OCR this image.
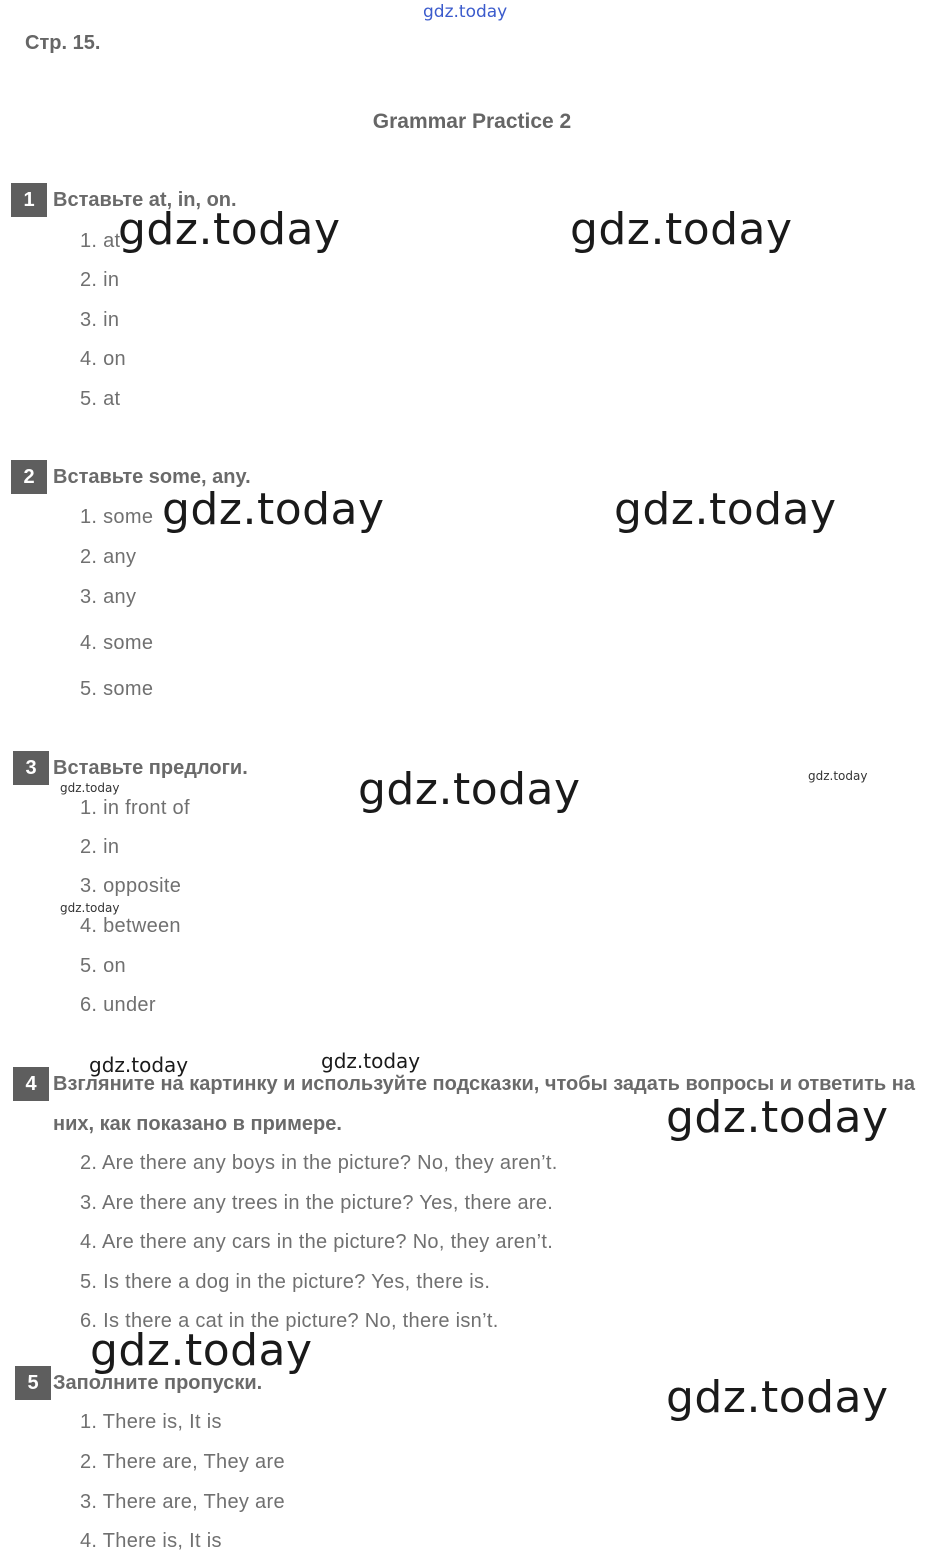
gdz.today
Стр. 15.
Grammar Practice 2
1 Вставьте at, in, on.
1. at
2. in
3. in
4. on
5. at
2 Вставьте some, any.
1. some
2. any
3. any
4. some
5. some
3 Вставьте предлоги.
1. in front of
2. in
3. opposite
4. between
5. on
6. under
4 Взгляните на картинку и используйте подсказки, чтобы задать вопросы и ответить на них, как показано в примере.
2. Are there any boys in the picture? No, they aren’t.
3. Are there any trees in the picture? Yes, there are.
4. Are there any cars in the picture? No, they aren’t.
5. Is there a dog in the picture? Yes, there is.
6. Is there a cat in the picture? No, there isn’t.
5 Заполните пропуски.
1. There is, It is
2. There are, They are
3. There are, They are
4. There is, It is
gdz.today	gdz.today
gdz.today	gdz.today
gdz.today	gdz.today
gdz.today
gdz.today
gdz.today	gdz.today
gdz.today
gdz.today
gdz.today
